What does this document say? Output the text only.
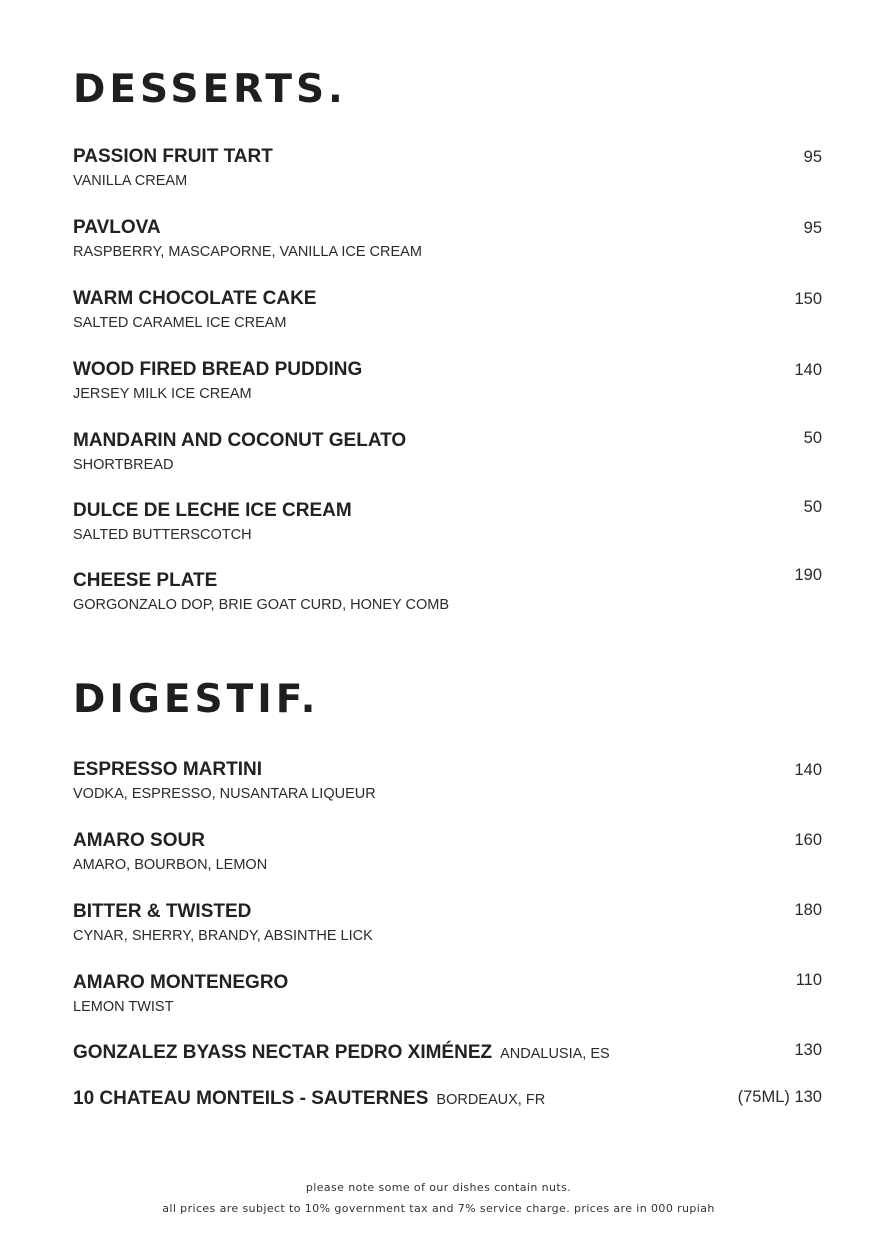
DESSERTS.
PASSION FRUIT TART
VANILLA CREAM
95
PAVLOVA
RASPBERRY, MASCAPORNE, VANILLA ICE CREAM
95
WARM CHOCOLATE CAKE
SALTED CARAMEL ICE CREAM
150
WOOD FIRED BREAD PUDDING
JERSEY MILK ICE CREAM
140
MANDARIN AND COCONUT GELATO
SHORTBREAD
50
DULCE DE LECHE ICE CREAM
SALTED BUTTERSCOTCH
50
CHEESE PLATE
GORGONZALO DOP, BRIE GOAT CURD, HONEY COMB
190
DIGESTIF.
ESPRESSO MARTINI
VODKA, ESPRESSO, NUSANTARA LIQUEUR
140
AMARO SOUR
AMARO, BOURBON, LEMON
160
BITTER & TWISTED
CYNAR, SHERRY, BRANDY, ABSINTHE LICK
180
AMARO MONTENEGRO
LEMON TWIST
110
GONZALEZ BYASS NECTAR PEDRO XIMÉNEZ ANDALUSIA, ES	130
10 CHATEAU MONTEILS - SAUTERNES BORDEAUX, FR	(75ML) 130
please note some of our dishes contain nuts.
all prices are subject to 10% government tax and 7% service charge. prices are in 000 rupiah
